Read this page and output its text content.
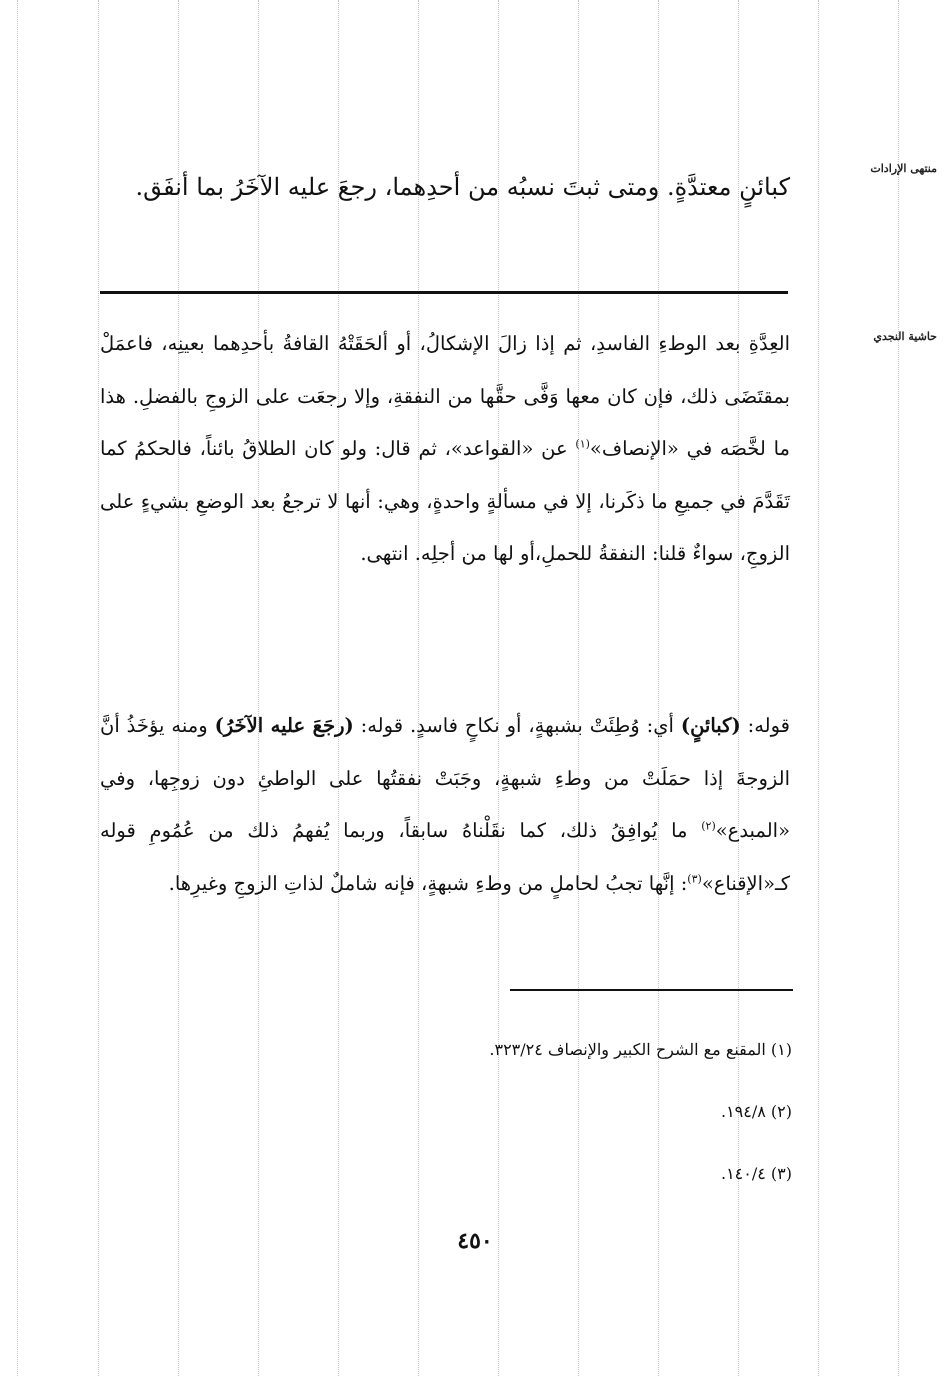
منتهى الإرادات
حاشية النجدي
كبائنٍ معتدَّةٍ. ومتى ثبتَ نسبُه من أحدِهما، رجعَ عليه الآخَرُ بما أنفَق.
العِدَّةِ بعد الوطءِ الفاسدِ، ثم إذا زالَ الإشكالُ، أو ألحَقَتْهُ القافةُ بأحدِهما بعينِه، فاعمَلْ بمقتَضَى ذلك، فإن كان معها وَفَّى حقَّها من النفقةِ، وإلا رجعَت على الزوجِ بالفضلِ. هذا ما لخَّصَه في «الإنصاف»$^{(١)}$ عن «القواعد»، ثم قال: ولو كان الطلاقُ بائناً، فالحكمُ كما تَقَدَّمَ في جميعِ ما ذكَرنا، إلا في مسألةٍ واحدةٍ، وهي: أنها لا ترجعُ بعد الوضعِ بشيءٍ على الزوجِ، سواءٌ قلنا: النفقةُ للحملِ،أو لها من أجلِه. انتهى.
قوله: (كبائنٍ) أي: وُطِئَتْ بشبهةٍ، أو نكاحٍ فاسدٍ. قوله: (رجَعَ عليه الآخَرُ) ومنه يؤخَذُ أنَّ الزوجةَ إذا حمَلَتْ من وطءِ شبهةٍ، وجَبَتْ نفقتُها على الواطئِ دون زوجِها، وفي «المبدع»$^{(٢)}$ ما يُوافِقُ ذلك، كما نقَلْناهُ سابقاً، وربما يُفهمُ ذلك من عُمُومِ قوله كـ«الإقناع»$^{(٣)}$: إنَّها تجبُ لحاملٍ من وطءِ شبهةٍ، فإنه شاملٌ لذاتِ الزوجِ وغيرِها.
(١) المقنع مع الشرح الكبير والإنصاف ٣٢٣/٢٤.
(٢) ١٩٤/٨.
(٣) ١٤٠/٤.
٤٥٠
